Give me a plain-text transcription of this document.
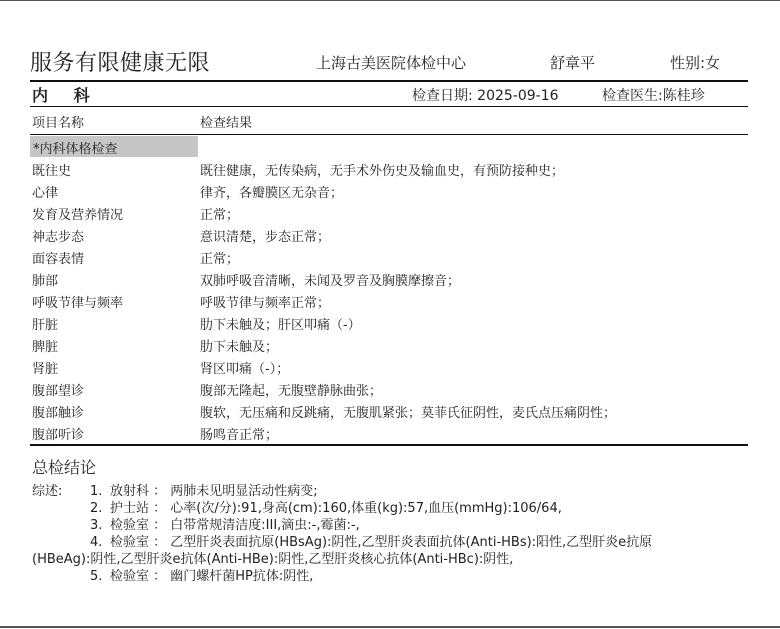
服务有限健康无限	上海古美医院体检中心	舒章平	性别:女
内 科	检查日期: 2025-09-16	检查医生:陈桂珍
项目名称	检查结果
*内科体格检查
既往史	既往健康，无传染病，无手术外伤史及输血史，有预防接种史；
心律	律齐，各瓣膜区无杂音；
发育及营养情况	正常；
神志步态	意识清楚，步态正常；
面容表情	正常；
肺部	双肺呼吸音清晰，未闻及罗音及胸膜摩擦音；
呼吸节律与频率	呼吸节律与频率正常；
肝脏	肋下未触及；肝区叩痛（-）
脾脏	肋下未触及；
肾脏	肾区叩痛（-）；
腹部望诊	腹部无隆起，无腹壁静脉曲张；
腹部触诊	腹软，无压痛和反跳痛，无腹肌紧张；莫菲氏征阴性，麦氏点压痛阴性；
腹部听诊	肠鸣音正常；
总检结论
综述: 1. 放射科 ： 两肺未见明显活动性病变;
2. 护士站 ： 心率(次/分):91,身高(cm):160,体重(kg):57,血压(mmHg):106/64,
3. 检验室 ： 白带常规清洁度:III,滴虫:-,霉菌:-,
4. 检验室 ： 乙型肝炎表面抗原(HBsAg):阴性,乙型肝炎表面抗体(Anti-HBs):阳性,乙型肝炎e抗原
(HBeAg):阴性,乙型肝炎e抗体(Anti-HBe):阴性,乙型肝炎核心抗体(Anti-HBc):阴性,
5. 检验室 ： 幽门螺杆菌HP抗体:阴性,
